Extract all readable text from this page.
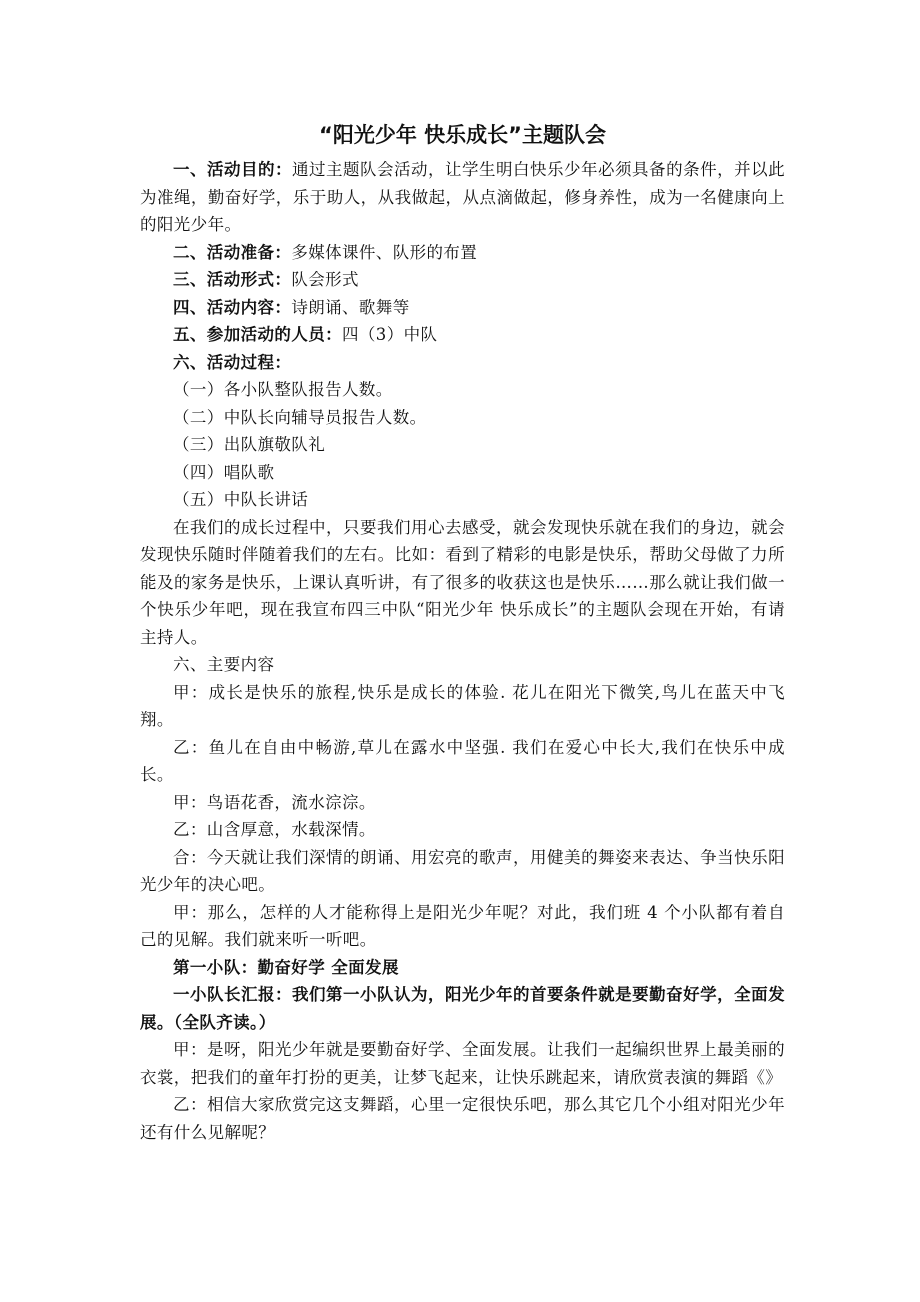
“阳光少年 快乐成长”主题队会

一、活动目的：通过主题队会活动，让学生明白快乐少年必须具备的条件，并以此为准绳，勤奋好学，乐于助人，从我做起，从点滴做起，修身养性，成为一名健康向上的阳光少年。

二、活动准备：多媒体课件、队形的布置

三、活动形式：队会形式

四、活动内容：诗朗诵、歌舞等

五、参加活动的人员：四（3）中队

六、活动过程：

（一）各小队整队报告人数。

（二）中队长向辅导员报告人数。

（三）出队旗敬队礼

（四）唱队歌

（五）中队长讲话

在我们的成长过程中，只要我们用心去感受，就会发现快乐就在我们的身边，就会发现快乐随时伴随着我们的左右。比如：看到了精彩的电影是快乐，帮助父母做了力所能及的家务是快乐，上课认真听讲，有了很多的收获这也是快乐……那么就让我们做一个快乐少年吧，现在我宣布四三中队“阳光少年 快乐成长”的主题队会现在开始，有请主持人。

六、主要内容

甲：成长是快乐的旅程,快乐是成长的体验. 花儿在阳光下微笑,鸟儿在蓝天中飞翔。

乙：鱼儿在自由中畅游,草儿在露水中坚强. 我们在爱心中长大,我们在快乐中成长。

甲：鸟语花香，流水淙淙。

乙：山含厚意，水载深情。

合：今天就让我们深情的朗诵、用宏亮的歌声，用健美的舞姿来表达、争当快乐阳光少年的决心吧。

甲：那么，怎样的人才能称得上是阳光少年呢？对此，我们班 4 个小队都有着自己的见解。我们就来听一听吧。

第一小队：勤奋好学 全面发展

一小队长汇报：我们第一小队认为，阳光少年的首要条件就是要勤奋好学，全面发展。（全队齐读。）

甲：是呀，阳光少年就是要勤奋好学、全面发展。让我们一起编织世界上最美丽的衣裳，把我们的童年打扮的更美，让梦飞起来，让快乐跳起来，请欣赏表演的舞蹈《》

乙：相信大家欣赏完这支舞蹈，心里一定很快乐吧，那么其它几个小组对阳光少年还有什么见解呢？
